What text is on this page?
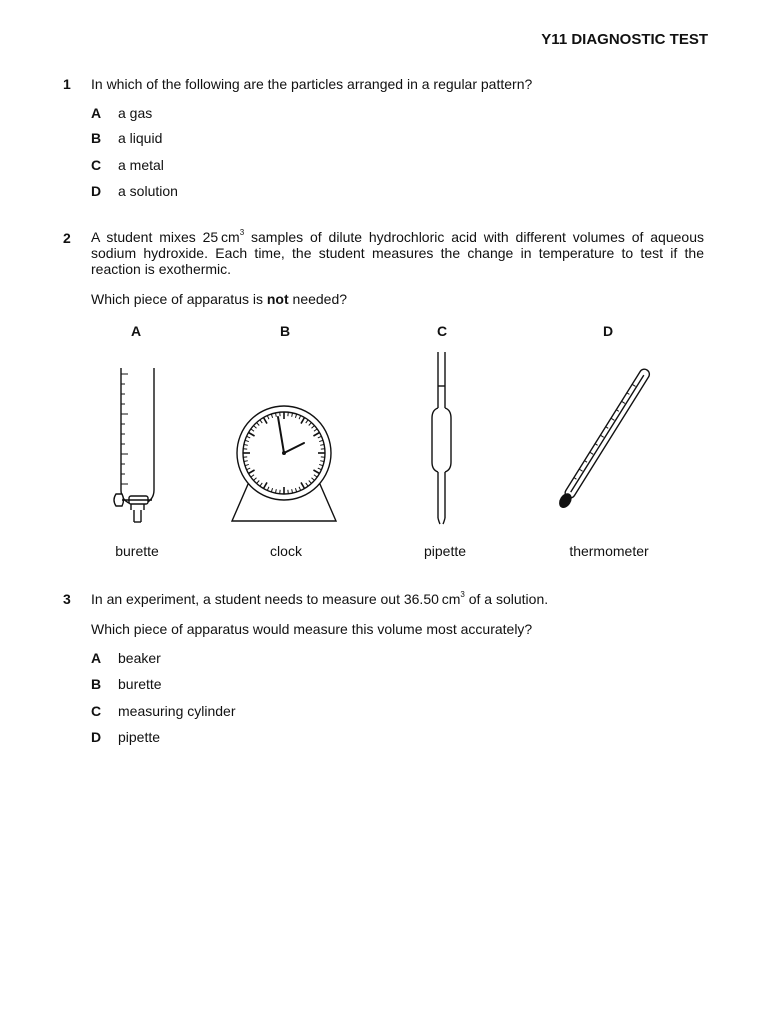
Y11 DIAGNOSTIC TEST
1 In which of the following are the particles arranged in a regular pattern?
A a gas
B a liquid
C a metal
D a solution
2 A student mixes 25  $cm^3$ samples of dilute hydrochloric acid with different volumes of aqueous sodium hydroxide. Each time, the student measures the change in temperature to test if the reaction is exothermic.
Which piece of apparatus is not needed?
A	B	C	D
burette	clock	pipette	thermometer
3 In an experiment, a student needs to measure out 36.50  $cm^3$ of a solution.
Which piece of apparatus would measure this volume most accurately?
A beaker
B burette
C measuring cylinder
D pipette
